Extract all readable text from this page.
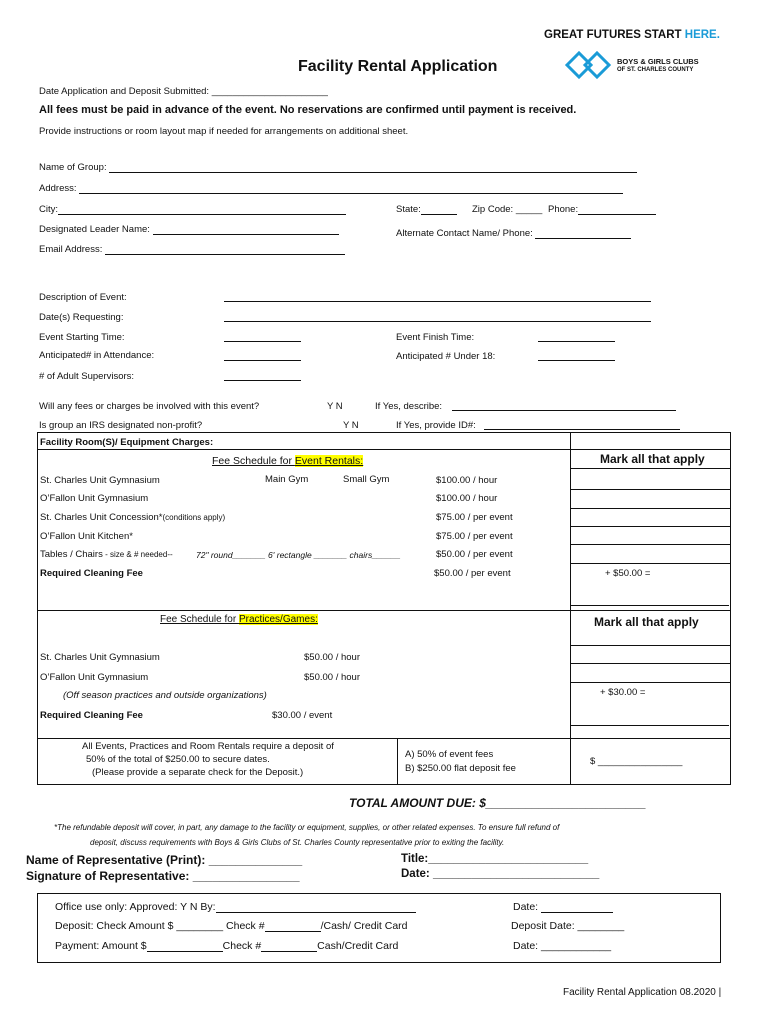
GREAT FUTURES START HERE.
BOYS & GIRLS CLUBS
OF ST. CHARLES COUNTY
Facility Rental Application
Date Application and Deposit Submitted: ______________________
All fees must be paid in advance of the event. No reservations are confirmed until payment is received.
Provide instructions or room layout map if needed for arrangements on additional sheet.
Name of Group:
Address:
City:	State:	Zip Code: _____ Phone:
Designated Leader Name:	Alternate Contact Name/ Phone:
Email Address:
Description of Event:
Date(s) Requesting:
Event Starting Time:	Event Finish Time:
Anticipated# in Attendance:	Anticipated # Under 18:
# of Adult Supervisors:
Will any fees or charges be involved with this event?	Y N	If Yes, describe:
Is group an IRS designated non-profit?	Y N	If Yes, provide ID#:
Facility Room(S)/ Equipment Charges:
Fee Schedule for Event Rentals:	Mark all that apply
Main Gym	Small Gym
St. Charles Unit Gymnasium	$100.00 / hour
O’Fallon Unit Gymnasium	$100.00 / hour
St. Charles Unit Concession*(conditions apply)	$75.00 / per event
O’Fallon Unit Kitchen*	$75.00 / per event
Tables / Chairs - size & # needed--	72" round_______ 6' rectangle _______ chairs______	$50.00 / per event
Required Cleaning Fee	$50.00 / per event	+ $50.00 =
Fee Schedule for Practices/Games:	Mark all that apply
St. Charles Unit Gymnasium	$50.00 / hour
O’Fallon Unit Gymnasium	$50.00 / hour
(Off season practices and outside organizations)	+ $30.00 =
Required Cleaning Fee	$30.00 / event
All Events, Practices and Room Rentals require a deposit of
50% of the total of $250.00 to secure dates.
(Please provide a separate check for the Deposit.)
A) 50% of event fees
B) $250.00 flat deposit fee
$ ________________
TOTAL AMOUNT DUE: $________________________
*The refundable deposit will cover, in part, any damage to the facility or equipment, supplies, or other related expenses. To ensure full refund of
deposit, discuss requirements with Boys & Girls Clubs of St. Charles County representative prior to exiting the facility.
Name of Representative (Print): ______________
Signature of Representative: ________________
Title:_________________________
Date: __________________________
Office use only: Approved: Y N By:	Date:
Deposit: Check Amount $ ________ Check #	/Cash/ Credit Card	Deposit Date: ________
Payment: Amount $	Check #	Cash/Credit Card	Date: ____________
Facility Rental Application 08.2020 |
